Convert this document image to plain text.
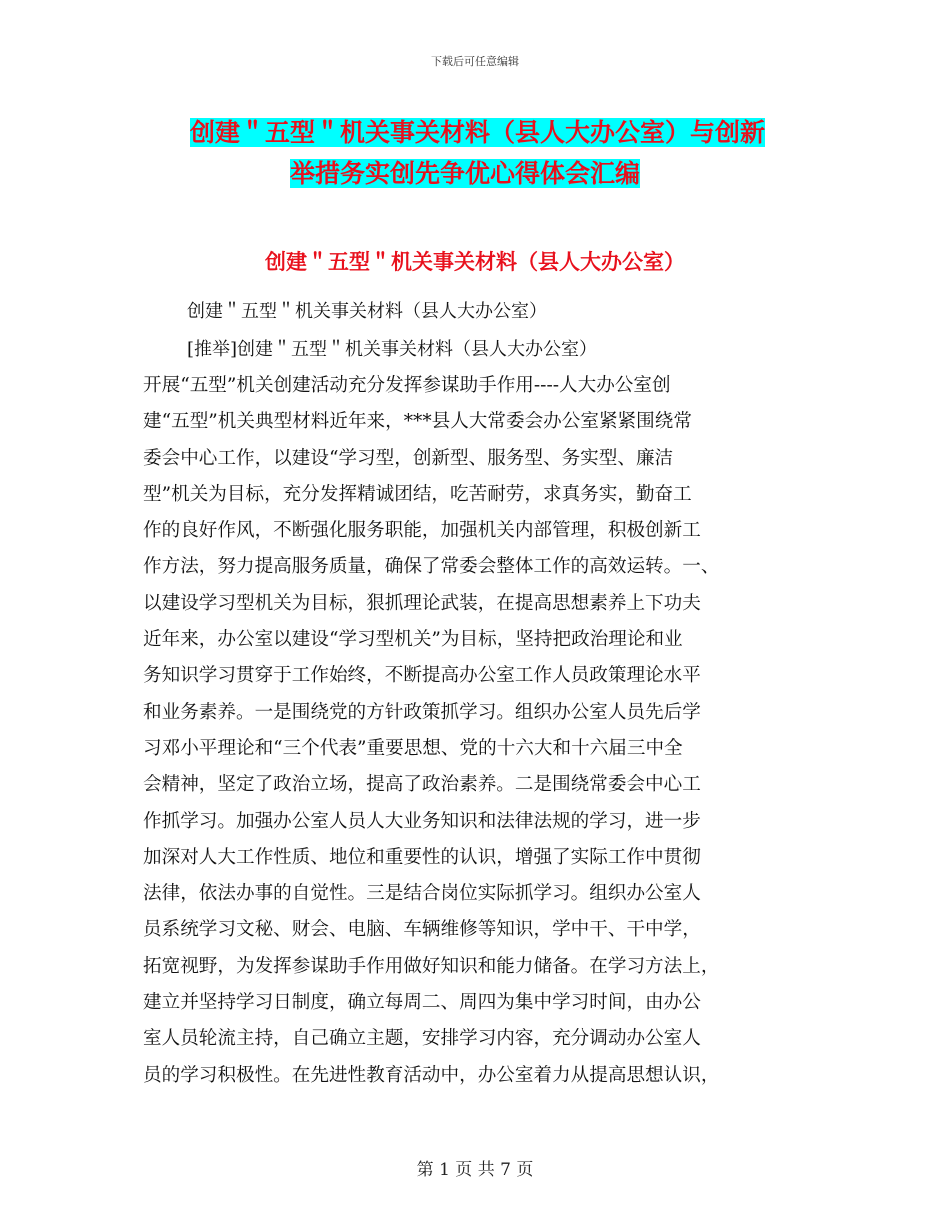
下载后可任意编辑
创建＂五型＂机关事关材料（县人大办公室）与创新
举措务实创先争优心得体会汇编
创建＂五型＂机关事关材料（县人大办公室）
创建＂五型＂机关事关材料（县人大办公室）
[推举]创建＂五型＂机关事关材料（县人大办公室）
开展“五型”机关创建活动充分发挥参谋助手作用----人大办公室创
建“五型”机关典型材料近年来，***县人大常委会办公室紧紧围绕常
委会中心工作，以建设“学习型，创新型、服务型、务实型、廉洁
型”机关为目标，充分发挥精诚团结，吃苦耐劳，求真务实，勤奋工
作的良好作风，不断强化服务职能，加强机关内部管理，积极创新工
作方法，努力提高服务质量，确保了常委会整体工作的高效运转。一、
以建设学习型机关为目标，狠抓理论武装，在提高思想素养上下功夫
近年来，办公室以建设“学习型机关”为目标，坚持把政治理论和业
务知识学习贯穿于工作始终，不断提高办公室工作人员政策理论水平
和业务素养。一是围绕党的方针政策抓学习。组织办公室人员先后学
习邓小平理论和“三个代表”重要思想、党的十六大和十六届三中全
会精神，坚定了政治立场，提高了政治素养。二是围绕常委会中心工
作抓学习。加强办公室人员人大业务知识和法律法规的学习，进一步
加深对人大工作性质、地位和重要性的认识，增强了实际工作中贯彻
法律，依法办事的自觉性。三是结合岗位实际抓学习。组织办公室人
员系统学习文秘、财会、电脑、车辆维修等知识，学中干、干中学，
拓宽视野，为发挥参谋助手作用做好知识和能力储备。在学习方法上，
建立并坚持学习日制度，确立每周二、周四为集中学习时间，由办公
室人员轮流主持，自己确立主题，安排学习内容，充分调动办公室人
员的学习积极性。在先进性教育活动中，办公室着力从提高思想认识，
第 1 页 共 7 页
